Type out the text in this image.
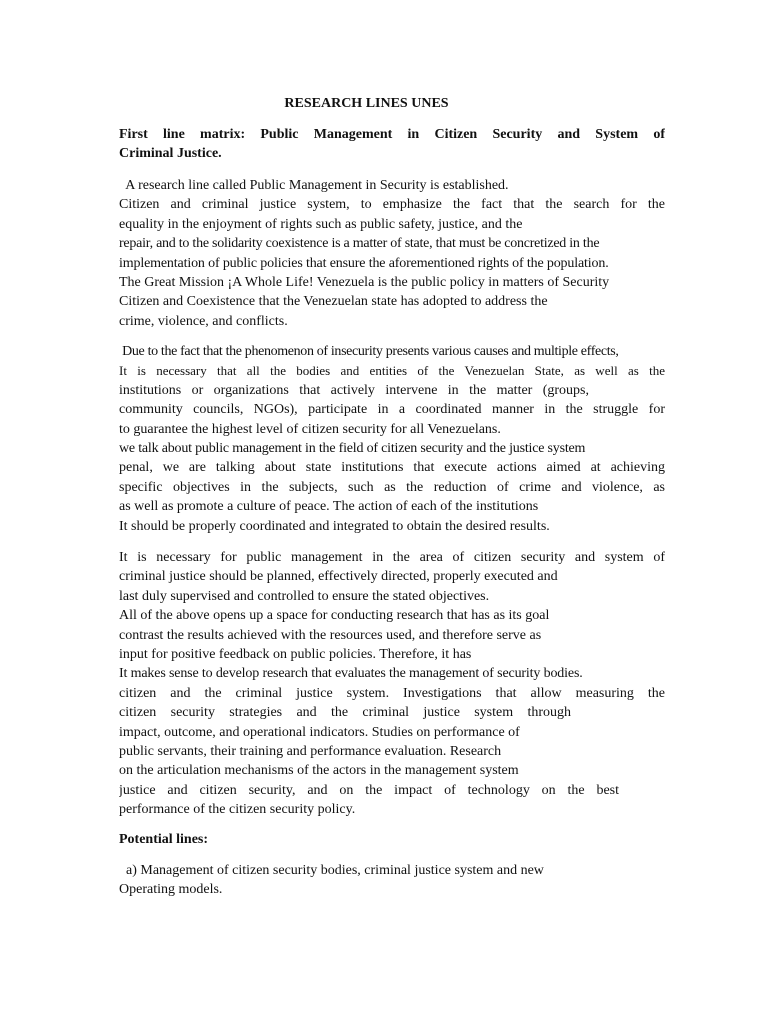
RESEARCH LINES UNES
First line matrix: Public Management in Citizen Security and System of
Criminal Justice.
A research line called Public Management in Security is established.
Citizen and criminal justice system, to emphasize the fact that the search for the
equality in the enjoyment of rights such as public safety, justice, and the
repair, and to the solidarity coexistence is a matter of state, that must be concretized in the
implementation of public policies that ensure the aforementioned rights of the population.
The Great Mission ¡A Whole Life! Venezuela is the public policy in matters of Security
Citizen and Coexistence that the Venezuelan state has adopted to address the
crime, violence, and conflicts.
Due to the fact that the phenomenon of insecurity presents various causes and multiple effects,
It is necessary that all the bodies and entities of the Venezuelan State, as well as the
institutions or organizations that actively intervene in the matter (groups,
community councils, NGOs), participate in a coordinated manner in the struggle for
to guarantee the highest level of citizen security for all Venezuelans.
we talk about public management in the field of citizen security and the justice system
penal, we are talking about state institutions that execute actions aimed at achieving
specific objectives in the subjects, such as the reduction of crime and violence, as
as well as promote a culture of peace. The action of each of the institutions
It should be properly coordinated and integrated to obtain the desired results.
It is necessary for public management in the area of citizen security and system of
criminal justice should be planned, effectively directed, properly executed and
last duly supervised and controlled to ensure the stated objectives.
All of the above opens up a space for conducting research that has as its goal
contrast the results achieved with the resources used, and therefore serve as
input for positive feedback on public policies. Therefore, it has
It makes sense to develop research that evaluates the management of security bodies.
citizen and the criminal justice system. Investigations that allow measuring the
citizen security strategies and the criminal justice system through
impact, outcome, and operational indicators. Studies on performance of
public servants, their training and performance evaluation. Research
on the articulation mechanisms of the actors in the management system
justice and citizen security, and on the impact of technology on the best
performance of the citizen security policy.
Potential lines:
a) Management of citizen security bodies, criminal justice system and new
Operating models.
